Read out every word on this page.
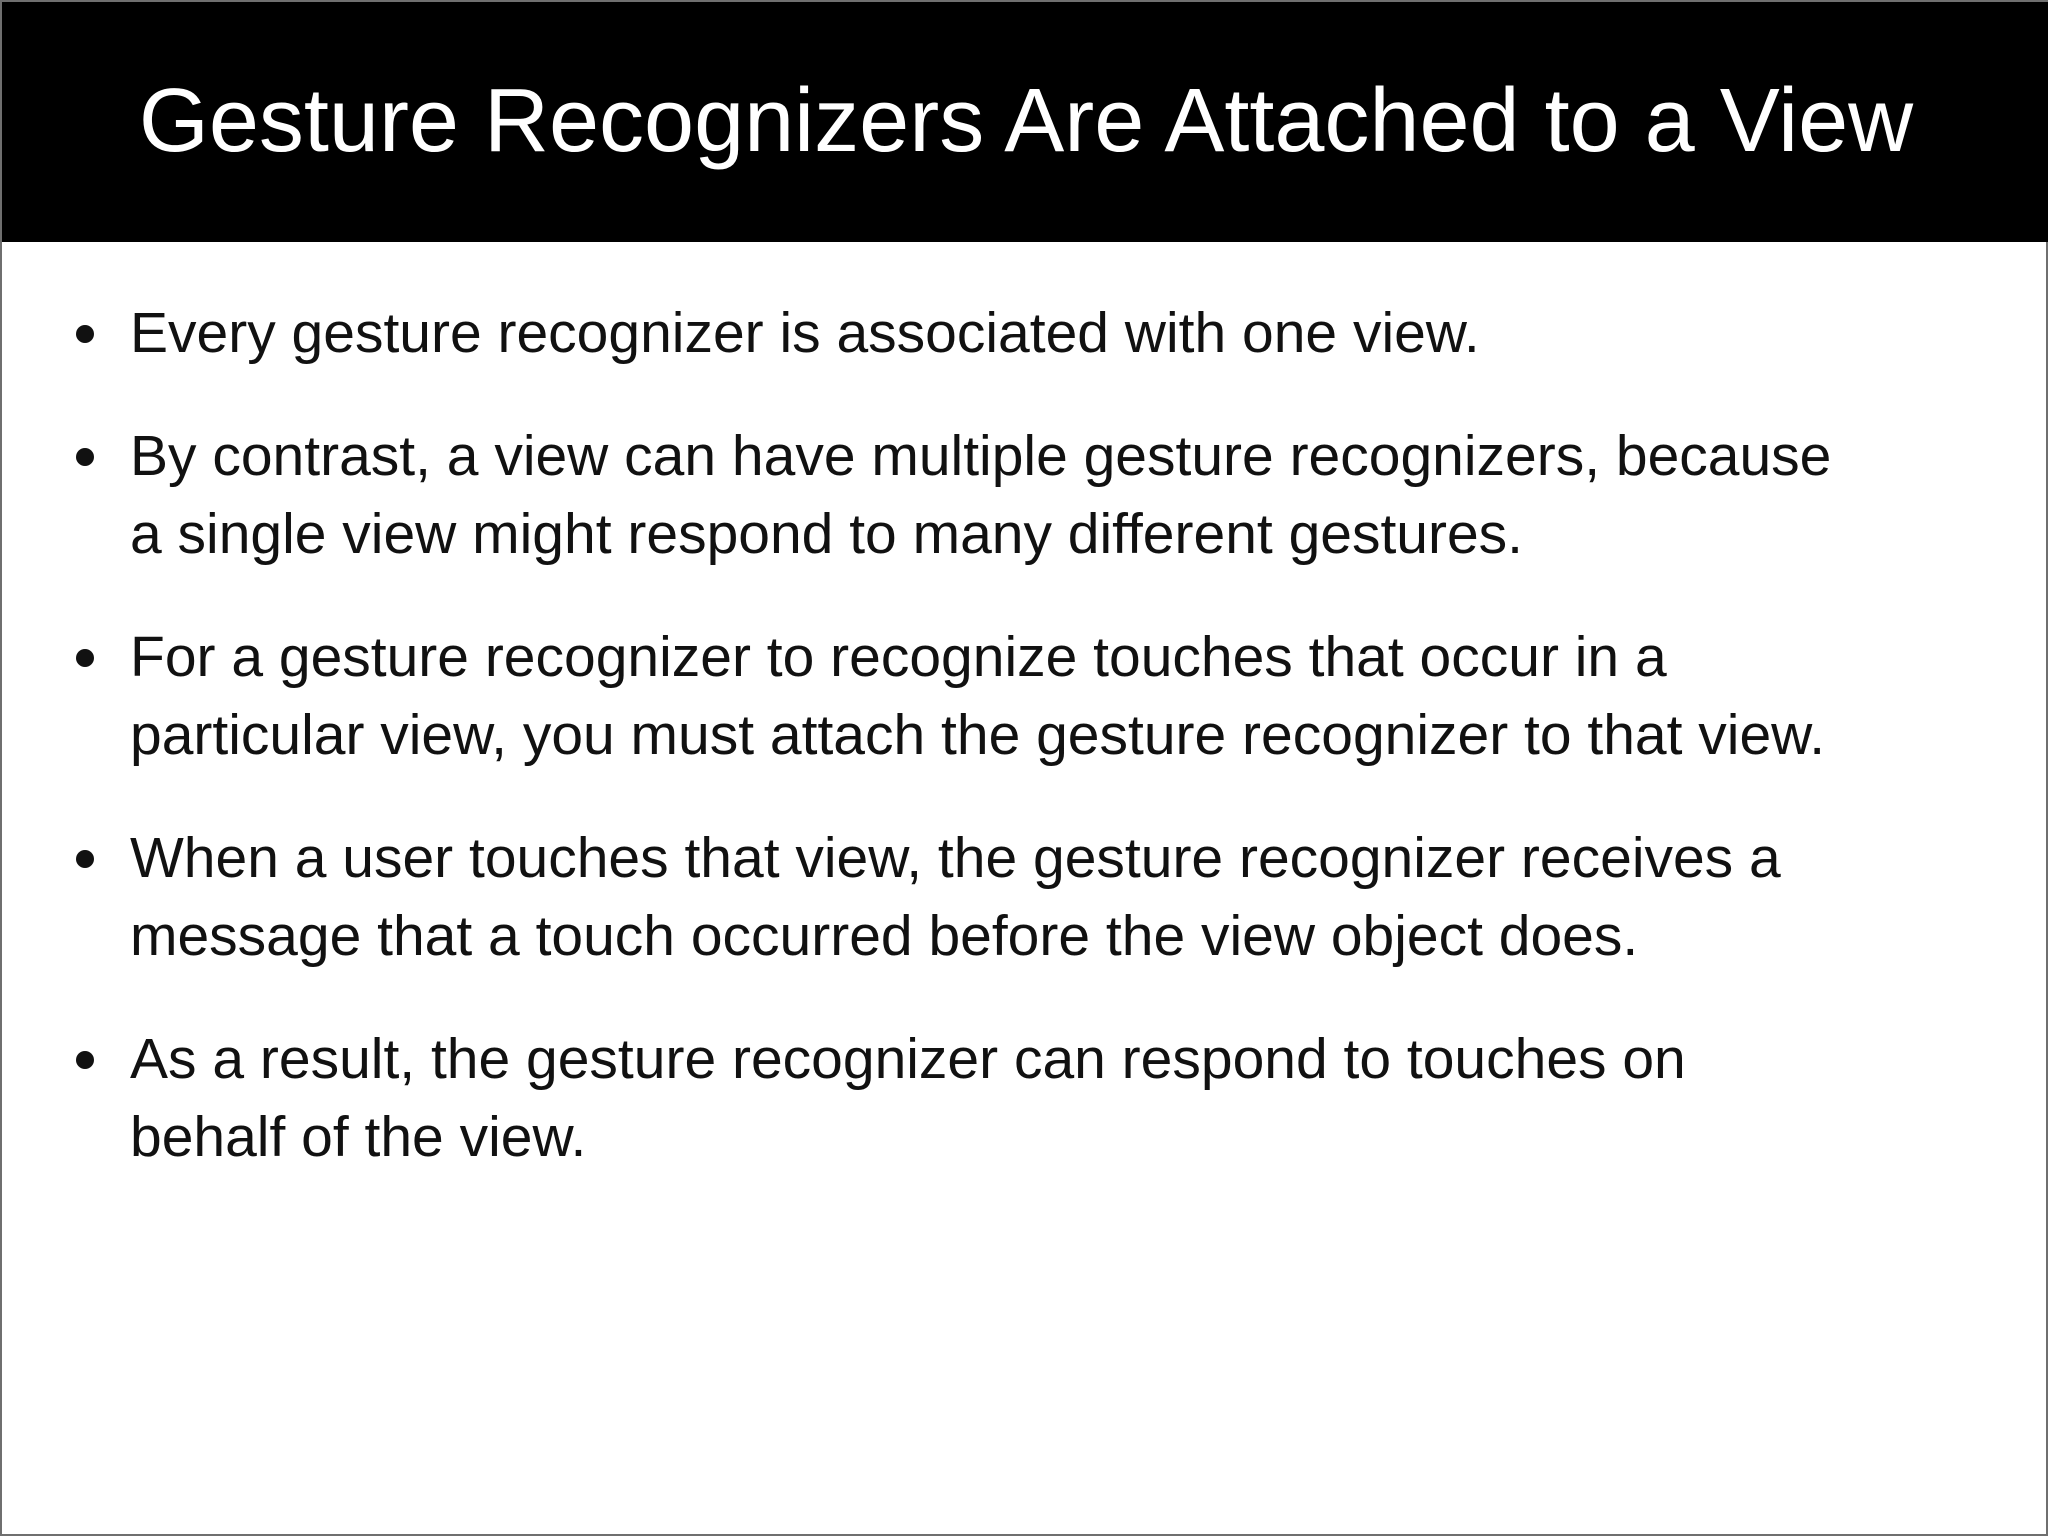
Gesture Recognizers Are Attached to a View
Every gesture recognizer is associated with one view.
By contrast, a view can have multiple gesture recognizers, because
a single view might respond to many different gestures.
For a gesture recognizer to recognize touches that occur in a
particular view, you must attach the gesture recognizer to that view.
When a user touches that view, the gesture recognizer receives a
message that a touch occurred before the view object does.
As a result, the gesture recognizer can respond to touches on
behalf of the view.
